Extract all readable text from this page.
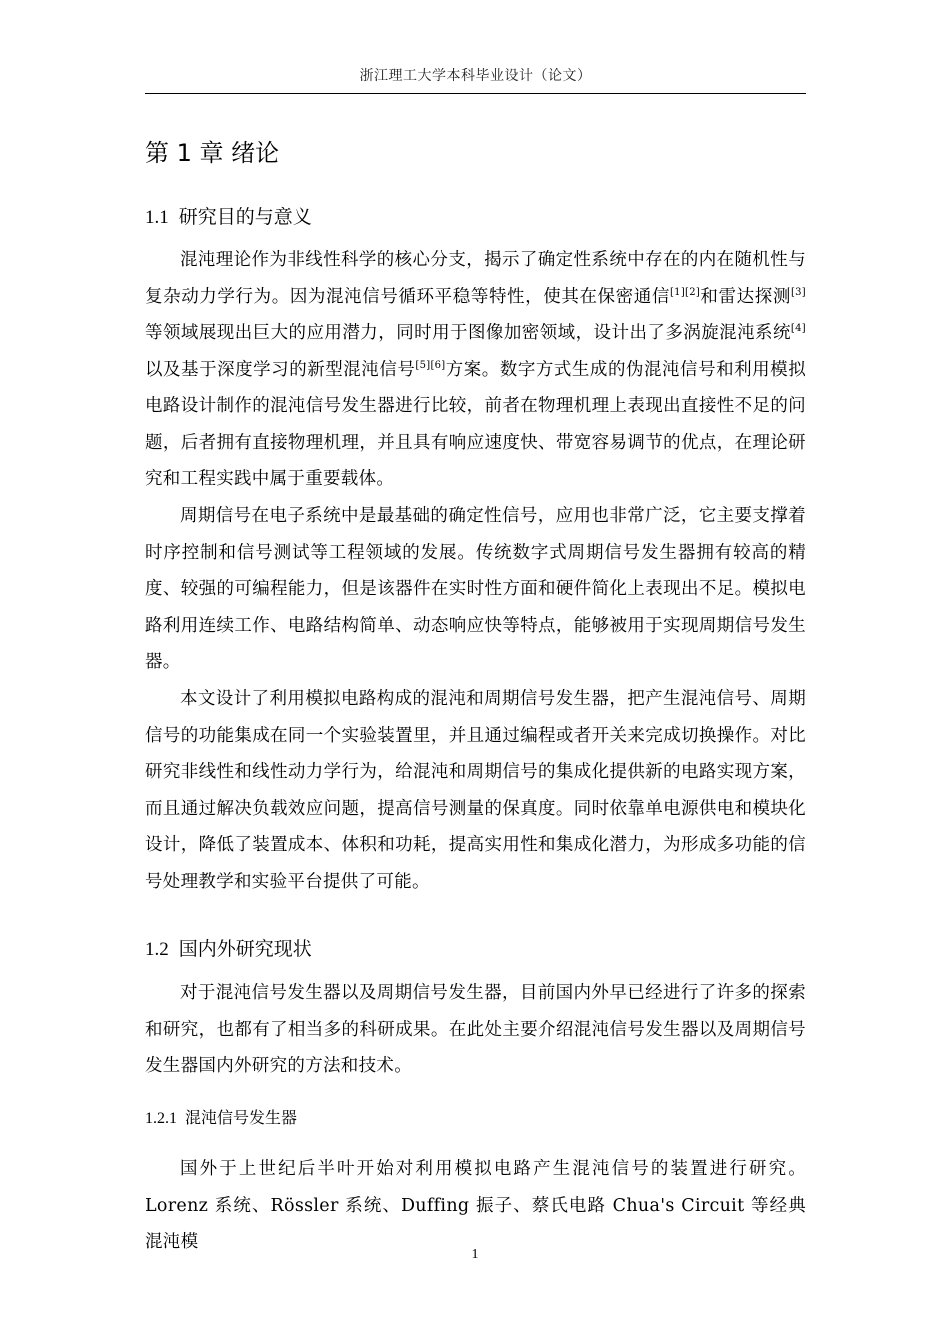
浙江理工大学本科毕业设计（论文）
第 1 章 绪论
1.1 研究目的与意义

混沌理论作为非线性科学的核心分支，揭示了确定性系统中存在的内在随机性与复杂动力学行为。因为混沌信号循环平稳等特性，使其在保密通信[1][2]和雷达探测[3]等领域展现出巨大的应用潜力，同时用于图像加密领域，设计出了多涡旋混沌系统[4]以及基于深度学习的新型混沌信号[5][6]方案。数字方式生成的伪混沌信号和利用模拟电路设计制作的混沌信号发生器进行比较，前者在物理机理上表现出直接性不足的问题，后者拥有直接物理机理，并且具有响应速度快、带宽容易调节的优点，在理论研究和工程实践中属于重要载体。

周期信号在电子系统中是最基础的确定性信号，应用也非常广泛，它主要支撑着时序控制和信号测试等工程领域的发展。传统数字式周期信号发生器拥有较高的精度、较强的可编程能力，但是该器件在实时性方面和硬件简化上表现出不足。模拟电路利用连续工作、电路结构简单、动态响应快等特点，能够被用于实现周期信号发生器。

本文设计了利用模拟电路构成的混沌和周期信号发生器，把产生混沌信号、周期信号的功能集成在同一个实验装置里，并且通过编程或者开关来完成切换操作。对比研究非线性和线性动力学行为，给混沌和周期信号的集成化提供新的电路实现方案，而且通过解决负载效应问题，提高信号测量的保真度。同时依靠单电源供电和模块化设计，降低了装置成本、体积和功耗，提高实用性和集成化潜力，为形成多功能的信号处理教学和实验平台提供了可能。

1.2 国内外研究现状

对于混沌信号发生器以及周期信号发生器，目前国内外早已经进行了许多的探索和研究，也都有了相当多的科研成果。在此处主要介绍混沌信号发生器以及周期信号发生器国内外研究的方法和技术。

1.2.1 混沌信号发生器

国外于上世纪后半叶开始对利用模拟电路产生混沌信号的装置进行研究。Lorenz 系统、Rössler 系统、Duffing 振子、蔡氏电路 Chua's Circuit 等经典混沌模

1
